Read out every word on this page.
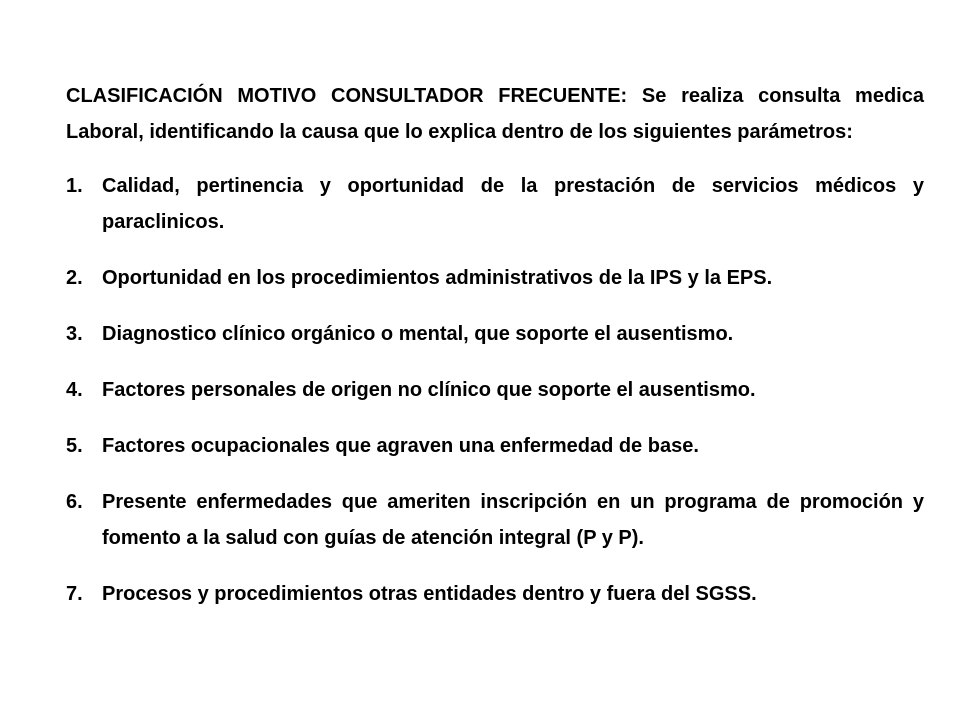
CLASIFICACIÓN MOTIVO CONSULTADOR FRECUENTE: Se realiza consulta medica Laboral, identificando la causa que lo explica dentro de los siguientes parámetros:

1. Calidad, pertinencia y oportunidad de la prestación de servicios médicos y paraclinicos.
2. Oportunidad en los procedimientos administrativos de la IPS y la EPS.
3. Diagnostico clínico orgánico o mental, que soporte el ausentismo.
4. Factores personales de origen no clínico que soporte el ausentismo.
5. Factores ocupacionales que agraven una enfermedad de base.
6. Presente enfermedades que ameriten inscripción en un programa de promoción y fomento a la salud con guías de atención integral (P y P).
7. Procesos y procedimientos otras entidades dentro y fuera del SGSS.
